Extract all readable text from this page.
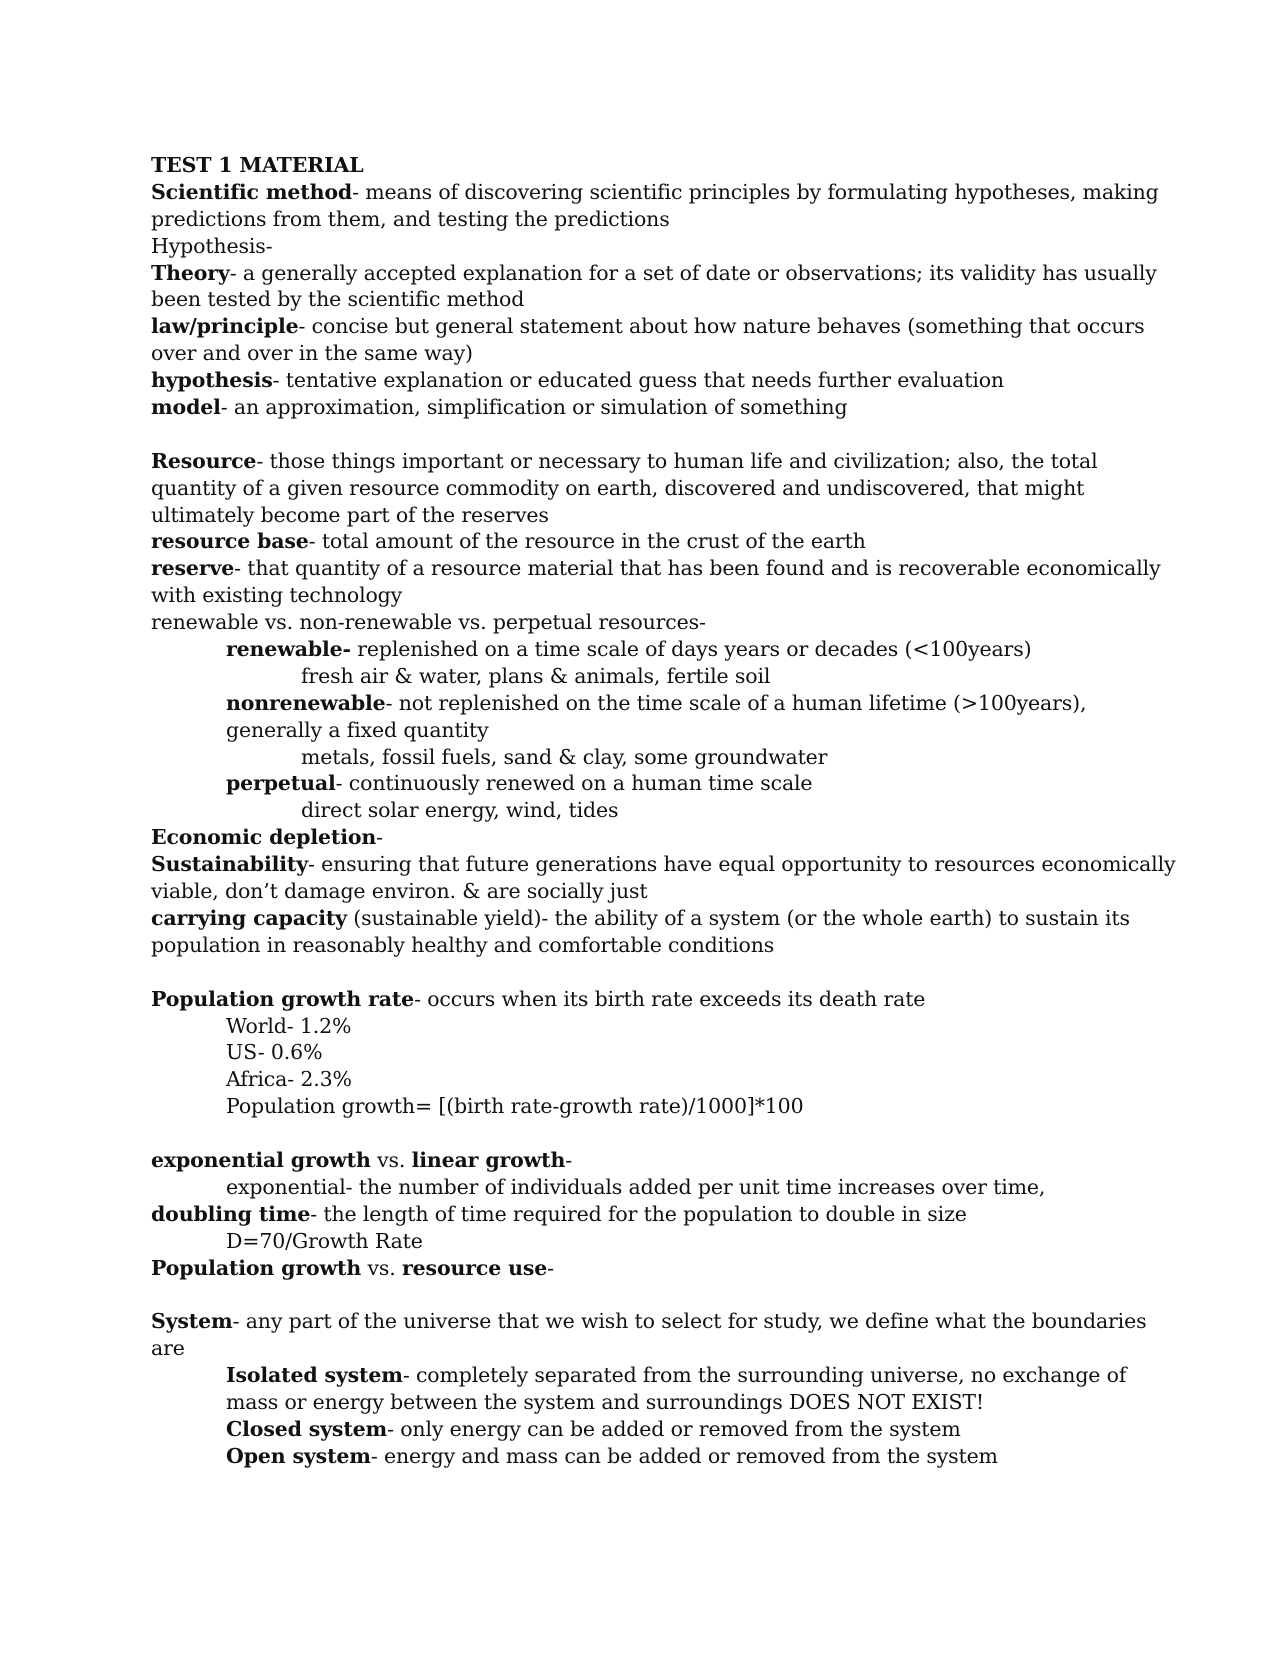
TEST 1 MATERIAL
Scientific method- means of discovering scientific principles by formulating hypotheses, making
predictions from them, and testing the predictions
Hypothesis-
Theory- a generally accepted explanation for a set of date or observations; its validity has usually
been tested by the scientific method
law/principle- concise but general statement about how nature behaves (something that occurs
over and over in the same way)
hypothesis- tentative explanation or educated guess that needs further evaluation
model- an approximation, simplification or simulation of something
Resource- those things important or necessary to human life and civilization; also, the total
quantity of a given resource commodity on earth, discovered and undiscovered, that might
ultimately become part of the reserves
resource base- total amount of the resource in the crust of the earth
reserve- that quantity of a resource material that has been found and is recoverable economically
with existing technology
renewable vs. non-renewable vs. perpetual resources-
renewable- replenished on a time scale of days years or decades (<100years)
fresh air & water, plans & animals, fertile soil
nonrenewable- not replenished on the time scale of a human lifetime (>100years),
generally a fixed quantity
metals, fossil fuels, sand & clay, some groundwater
perpetual- continuously renewed on a human time scale
direct solar energy, wind, tides
Economic depletion-
Sustainability- ensuring that future generations have equal opportunity to resources economically
viable, don’t damage environ. & are socially just
carrying capacity (sustainable yield)- the ability of a system (or the whole earth) to sustain its
population in reasonably healthy and comfortable conditions
Population growth rate- occurs when its birth rate exceeds its death rate
World- 1.2%
US- 0.6%
Africa- 2.3%
Population growth= [(birth rate-growth rate)/1000]*100
exponential growth vs. linear growth-
exponential- the number of individuals added per unit time increases over time,
doubling time- the length of time required for the population to double in size
D=70/Growth Rate
Population growth vs. resource use-
System- any part of the universe that we wish to select for study, we define what the boundaries
are
Isolated system- completely separated from the surrounding universe, no exchange of
mass or energy between the system and surroundings DOES NOT EXIST!
Closed system- only energy can be added or removed from the system
Open system- energy and mass can be added or removed from the system
